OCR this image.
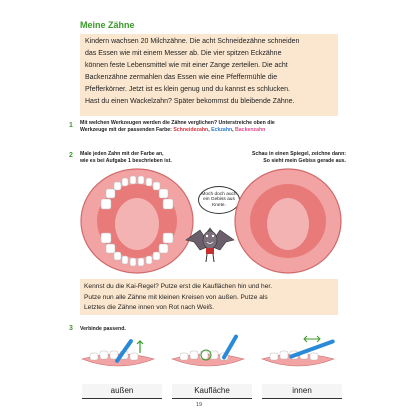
Meine Zähne

Kindern wachsen 20 Milchzähne. Die acht Schneidezähne schneiden

das Essen wie mit einem Messer ab. Die vier spitzen Eckzähne

können feste Lebensmittel wie mit einer Zange zerteilen. Die acht

Backenzähne zermahlen das Essen wie eine Pfeffermühle die

Pfefferkörner. Jetzt ist es klein genug und du kannst es schlucken.

Hast du einen Wackelzahn? Später bekommst du bleibende Zähne.

1 Mit welchen Werkzeugen werden die Zähne verglichen? Unterstreiche oben die
Werkzeuge mit der passenden Farbe: Schneidezahn, Eckzahn, Backenzahn
2 Male jeden Zahn mit der Farbe an,
wie es bei Aufgabe 1 beschrieben ist.
Schau in einen Spiegel, zeichne dann:
So sieht mein Gebiss gerade aus.
Moch doch auch ein Gebiss aus Knete.

Kennst du die Kai-Regel? Putze erst die Kauflächen hin und her.

Putze nun alle Zähne mit kleinen Kreisen von außen. Putze als

Letztes die Zähne innen von Rot nach Weiß.

3 Verbinde passend.
außen	Kaufläche	innen
19
